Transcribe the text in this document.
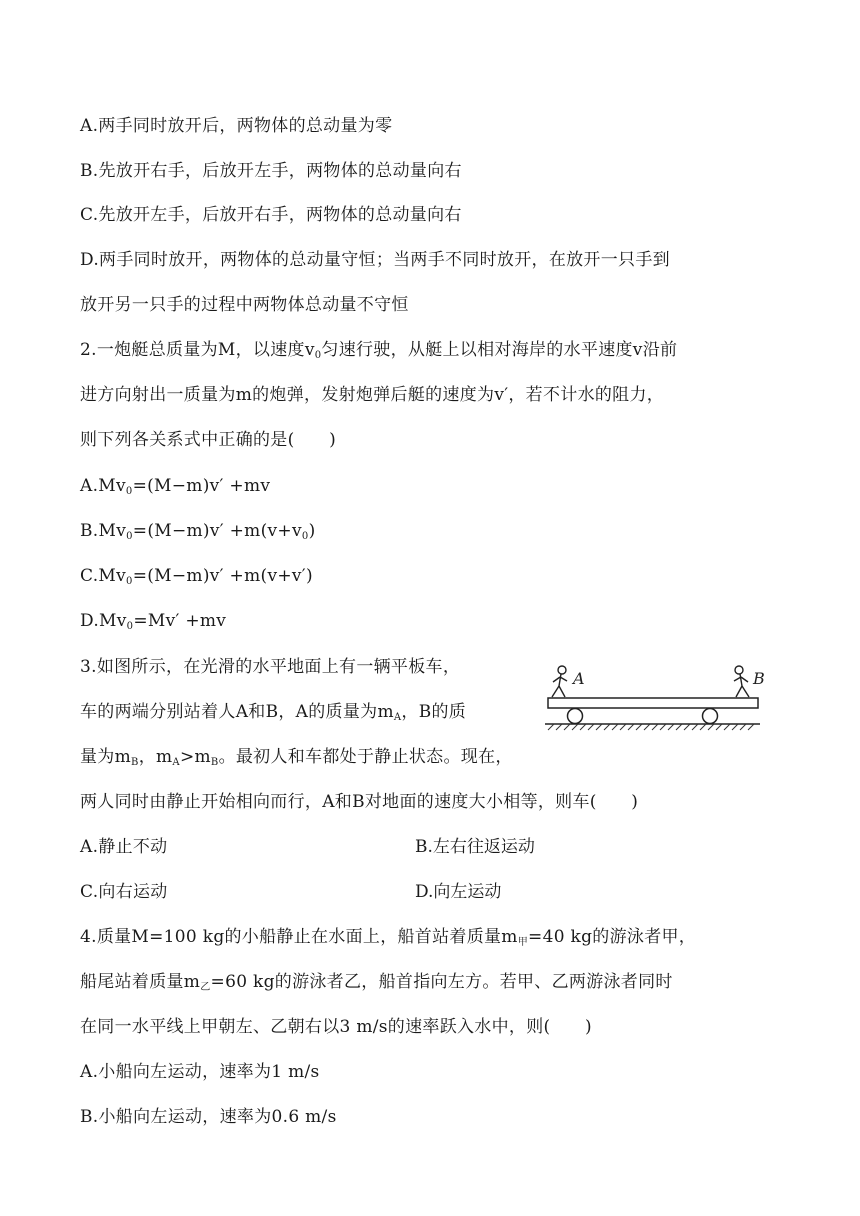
A.两手同时放开后，两物体的总动量为零
B.先放开右手，后放开左手，两物体的总动量向右
C.先放开左手，后放开右手，两物体的总动量向右
D.两手同时放开，两物体的总动量守恒；当两手不同时放开，在放开一只手到
放开另一只手的过程中两物体总动量不守恒
2.一炮艇总质量为M，以速度$v_0$匀速行驶，从艇上以相对海岸的水平速度v沿前
进方向射出一质量为m的炮弹，发射炮弹后艇的速度为v′，若不计水的阻力，
则下列各关系式中正确的是(　　)
$A.Mv_0=(M-m)v' +mv$
$B.Mv_0=(M-m)v' +m(v+v_0)$
$C.Mv_0=(M-m)v' +m(v+v')$
$D.Mv_0=Mv' +mv$
3.如图所示，在光滑的水平地面上有一辆平板车，
车的两端分别站着人A和B，A的质量为$m_A$，B的质
量为$m_B$，$m_A>m_B$。最初人和车都处于静止状态。现在，
两人同时由静止开始相向而行，A和B对地面的速度大小相等，则车(　　)
A.静止不动	B.左右往返运动
C.向右运动	D.向左运动
A	B
4.质量M=100 kg的小船静止在水面上，船首站着质量$m_甲=40$ kg的游泳者甲，
船尾站着质量$m_乙=60$ kg的游泳者乙，船首指向左方。若甲、乙两游泳者同时
在同一水平线上甲朝左、乙朝右以3 m/s的速率跃入水中，则(　　)
A.小船向左运动，速率为1 m/s
B.小船向左运动，速率为0.6 m/s
